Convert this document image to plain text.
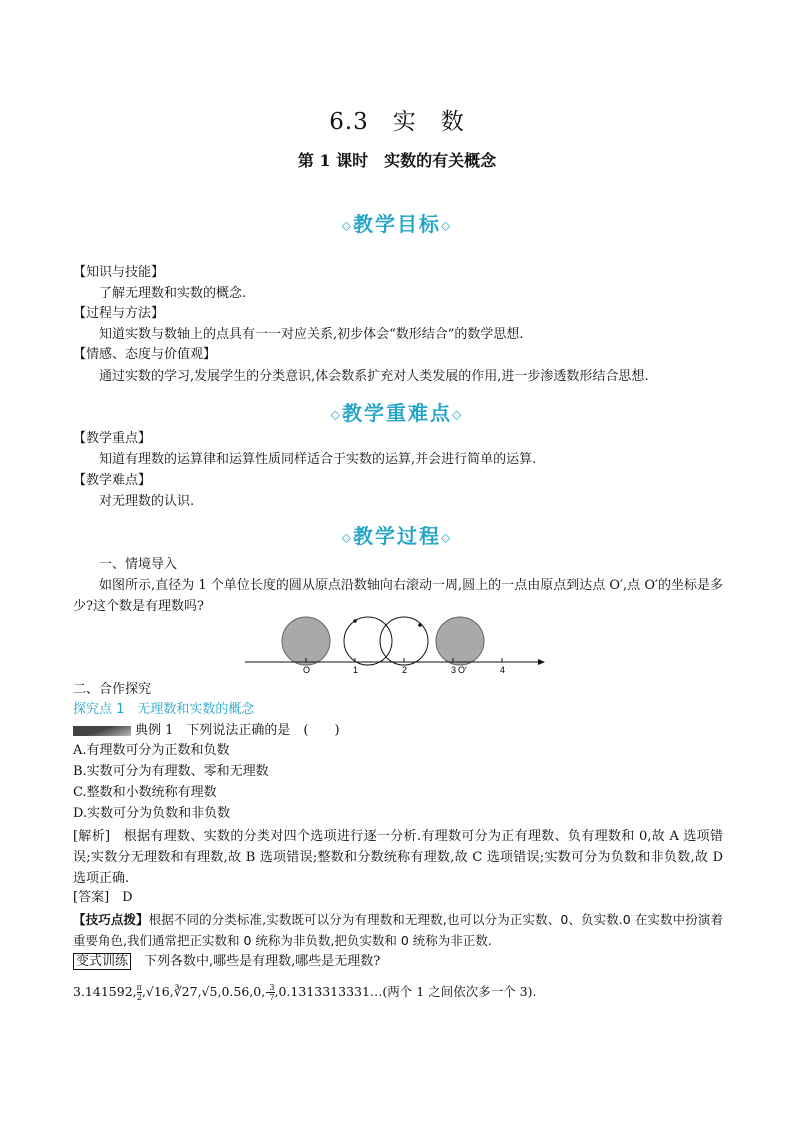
6.3　实　数
第 1 课时　实数的有关概念
◇教学目标◇
【知识与技能】
了解无理数和实数的概念.
【过程与方法】
知道实数与数轴上的点具有一一对应关系,初步体会“数形结合”的数学思想.
【情感、态度与价值观】
通过实数的学习,发展学生的分类意识,体会数系扩充对人类发展的作用,进一步渗透数形结合思想.
◇教学重难点◇
【教学重点】
知道有理数的运算律和运算性质同样适合于实数的运算,并会进行简单的运算.
【教学难点】
对无理数的认识.
◇教学过程◇
一、情境导入
如图所示,直径为 1 个单位长度的圆从原点沿数轴向右滚动一周,圆上的一点由原点到达点 O′,点 O′的坐标是多少?这个数是有理数吗?
O	1	2	3 O′	4
二、合作探究
探究点 1　无理数和实数的概念
典例 1　下列说法正确的是　(　　)
A.有理数可分为正数和负数
B.实数可分为有理数、零和无理数
C.整数和小数统称有理数
D.实数可分为负数和非负数
[解析]　根据有理数、实数的分类对四个选项进行逐一分析.有理数可分为正有理数、负有理数和 0,故 A 选项错误;实数分无理数和有理数,故 B 选项错误;整数和分数统称有理数,故 C 选项错误;实数可分为负数和非负数,故 D 选项正确.
[答案]　D
【技巧点拨】根据不同的分类标准,实数既可以分为有理数和无理数,也可以分为正实数、0、负实数.0 在实数中扮演着重要角色,我们通常把正实数和 0 统称为非负数,把负实数和 0 统称为非正数.
变式训练　 下列各数中,哪些是有理数,哪些是无理数?
3.141592, $\frac{\pi}{2}$ ,√16,∛27,√5,0.56,0,- $\frac{3}{7}$ ,0.1313313331…(两个 1 之间依次多一个 3).
